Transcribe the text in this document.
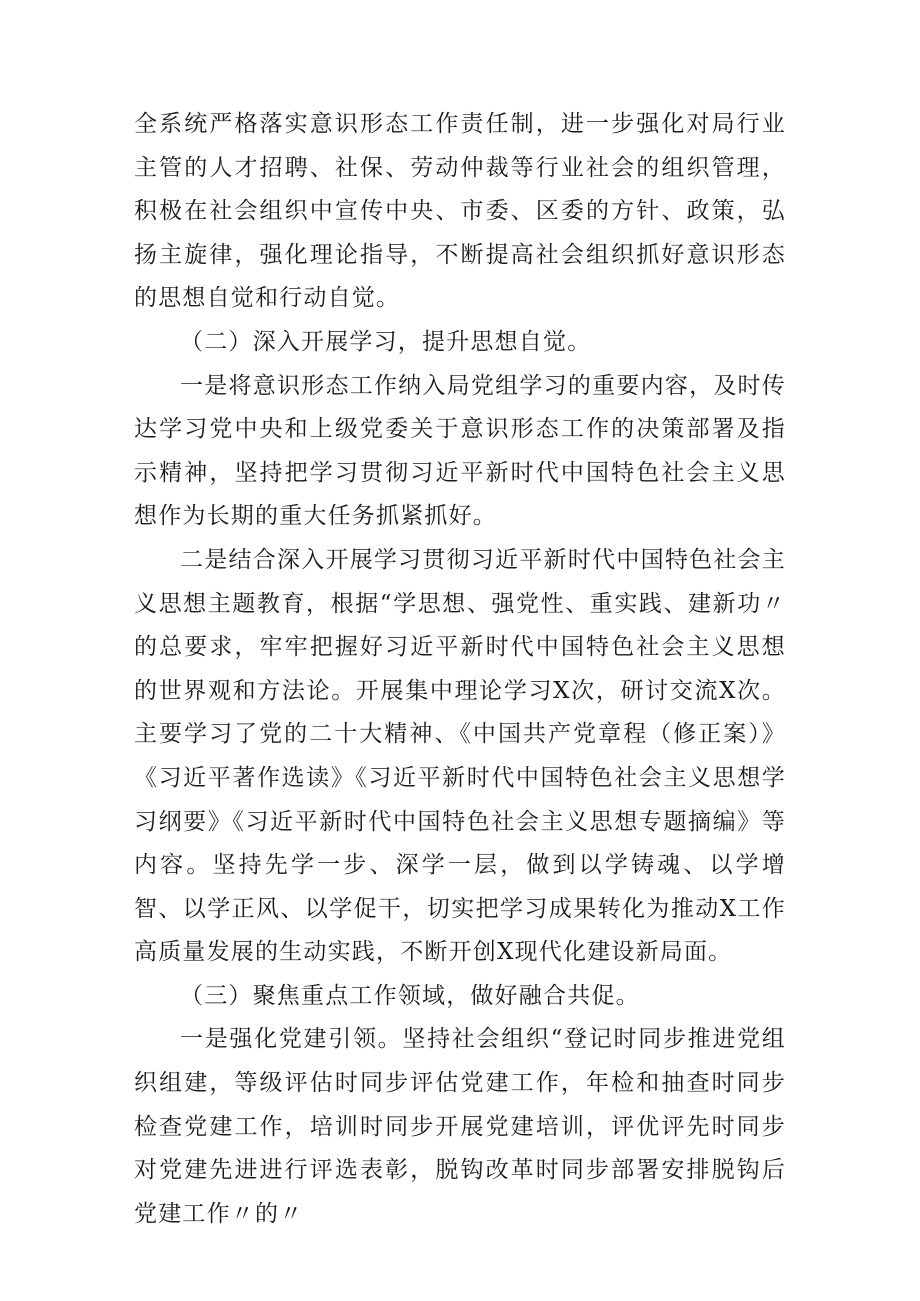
全系统严格落实意识形态工作责任制，进一步强化对局行业主管的人才招聘、社保、劳动仲裁等行业社会的组织管理，积极在社会组织中宣传中央、市委、区委的方针、政策，弘扬主旋律，强化理论指导，不断提高社会组织抓好意识形态的思想自觉和行动自觉。

（二）深入开展学习，提升思想自觉。

一是将意识形态工作纳入局党组学习的重要内容，及时传达学习党中央和上级党委关于意识形态工作的决策部署及指示精神，坚持把学习贯彻习近平新时代中国特色社会主义思想作为长期的重大任务抓紧抓好。

二是结合深入开展学习贯彻习近平新时代中国特色社会主义思想主题教育，根据“学思想、强党性、重实践、建新功〃的总要求，牢牢把握好习近平新时代中国特色社会主义思想的世界观和方法论。开展集中理论学习X次，研讨交流X次。主要学习了党的二十大精神、《中国共产党章程（修正案）》《习近平著作选读》《习近平新时代中国特色社会主义思想学习纲要》《习近平新时代中国特色社会主义思想专题摘编》等内容。坚持先学一步、深学一层，做到以学铸魂、以学增智、以学正风、以学促干，切实把学习成果转化为推动X工作高质量发展的生动实践，不断开创X现代化建设新局面。

（三）聚焦重点工作领域，做好融合共促。

一是强化党建引领。坚持社会组织“登记时同步推进党组织组建，等级评估时同步评估党建工作，年检和抽查时同步检查党建工作，培训时同步开展党建培训，评优评先时同步对党建先进进行评选表彰，脱钩改革时同步部署安排脱钩后党建工作〃的〃
